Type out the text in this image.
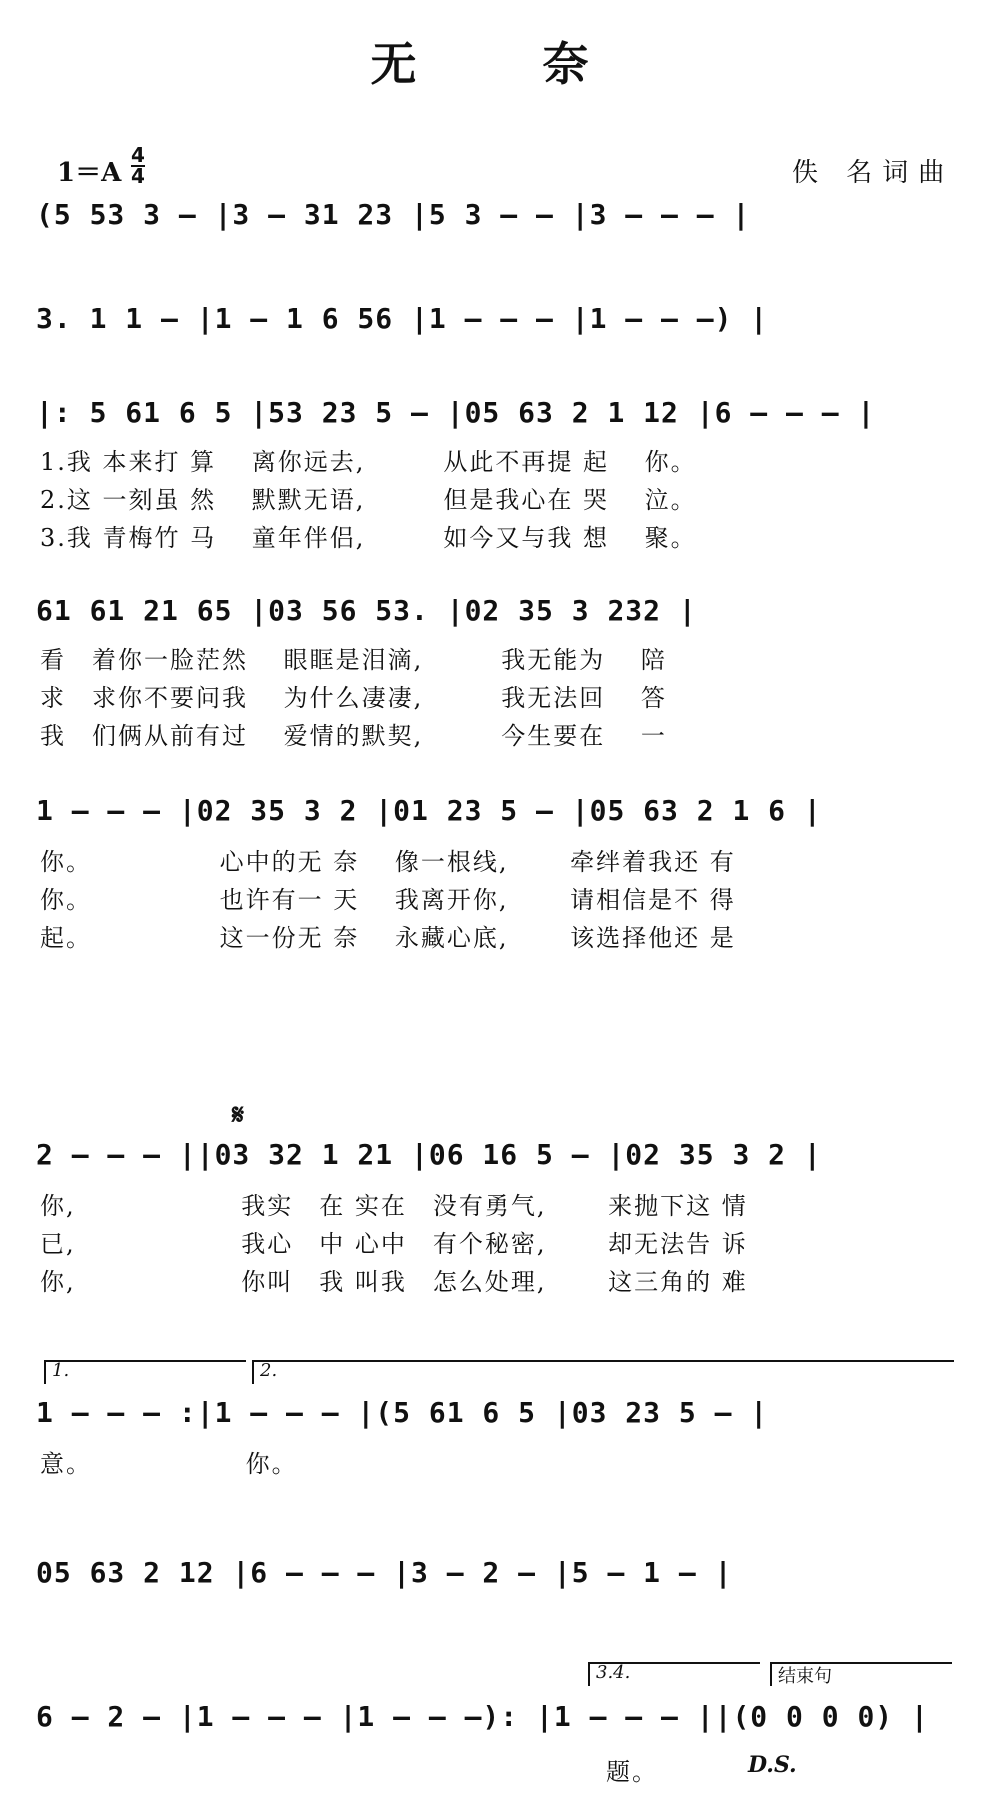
无　奈
1＝A
4
4	佚 名词曲
(5 53 3 – |3 – 31 23 |5 3 – – |3 – – – |
3. 1 1 – |1 – 1 6 56 |1 – – – |1 – – –) |
|: 5 61 6 5 |53 23 5 – |05 63 2 1 12 |6 – – – |
1.我 本来打 算　 离你远去,　　　从此不再提 起　 你。
2.这 一刻虽 然　 默默无语,　　　但是我心在 哭　 泣。
3.我 青梅竹 马　 童年伴侣,　　　如今又与我 想　 聚。
61 61 21 65 |03 56 53. |02 35 3 232 |
看　着你一脸茫然　 眼眶是泪滴,　　　我无能为　 陪
求　求你不要问我　 为什么凄凄,　　　我无法回　 答
我　们俩从前有过　 爱情的默契,　　　今生要在　 一
1 – – – |02 35 3 2 |01 23 5 – |05 63 2 1 6 |
你。　　　　　 心中的无 奈　 像一根线,　　 牵绊着我还 有
你。　　　　　 也许有一 天　 我离开你,　　 请相信是不 得
起。　　　　　 这一份无 奈　 永藏心底,　　 该选择他还 是
𝄋
2 – – – ||03 32 1 21 |06 16 5 – |02 35 3 2 |
你,　　　　　　 我实　在 实在　没有勇气,　　 来抛下这 情
已,　　　　　　 我心　中 心中　有个秘密,　　 却无法告 诉
你,　　　　　　 你叫　我 叫我　怎么处理,　　 这三角的 难
1.	2.
1 – – – :|1 – – – |(5 61 6 5 |03 23 5 – |
意。　　　　　　 你。
05 63 2 12 |6 – – – |3 – 2 – |5 – 1 – |
3.4.	结束句
6 – 2 – |1 – – – |1 – – –): |1 – – – ||(0 0 0 0) |
题。	D.S.
